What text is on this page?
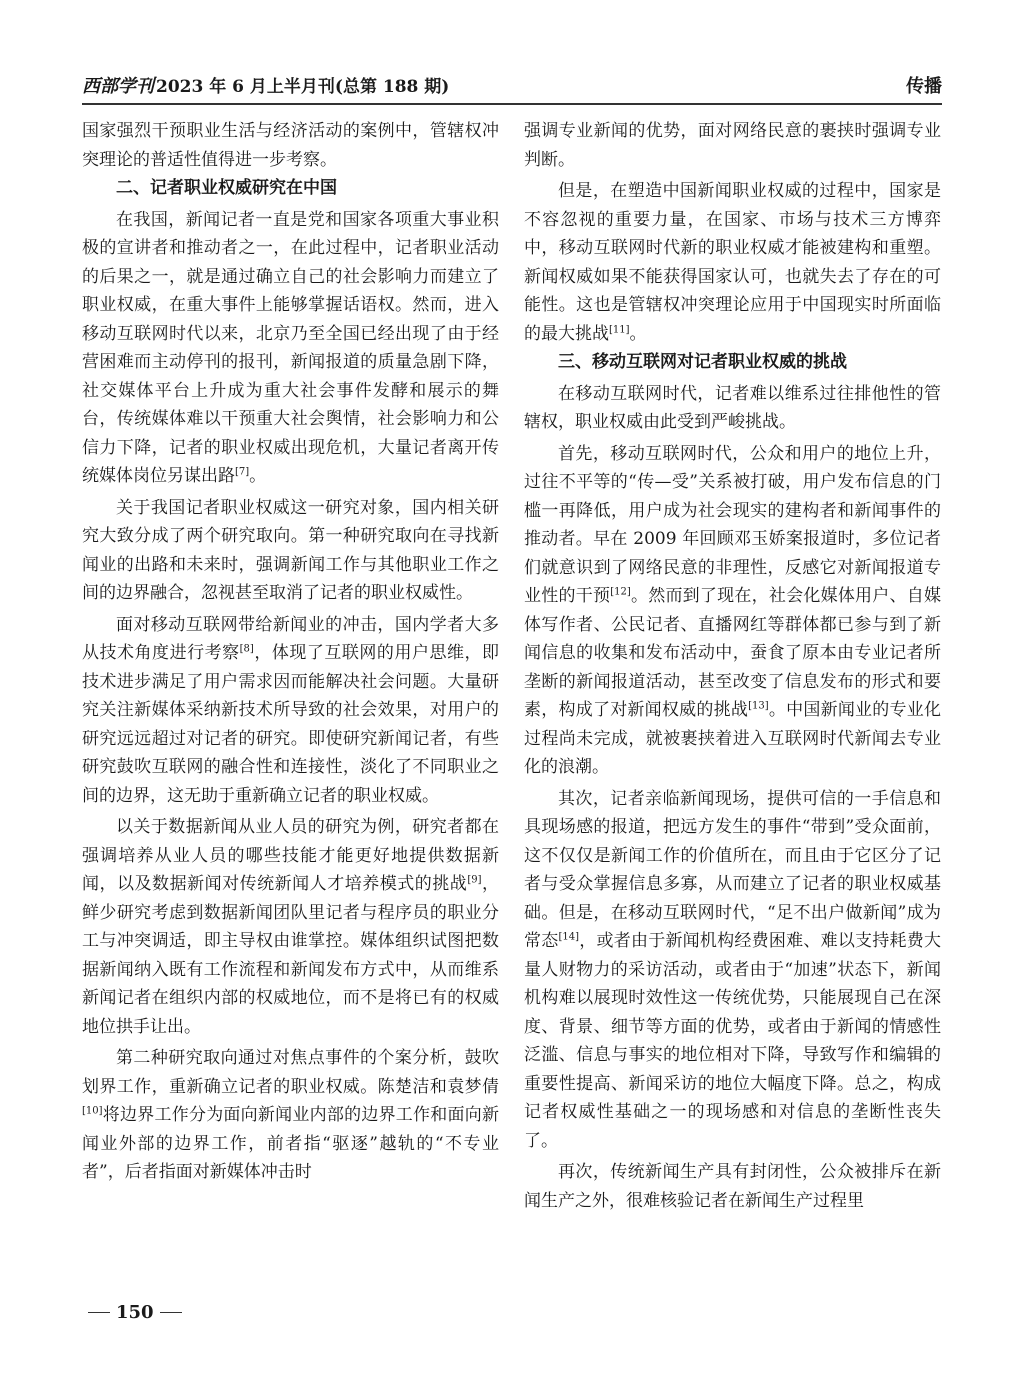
西部学刊 2023 年 6 月上半月刊(总第 188 期)	传播

国家强烈干预职业生活与经济活动的案例中，管辖权冲突理论的普适性值得进一步考察。

二、记者职业权威研究在中国

在我国，新闻记者一直是党和国家各项重大事业积极的宣讲者和推动者之一，在此过程中，记者职业活动的后果之一，就是通过确立自己的社会影响力而建立了职业权威，在重大事件上能够掌握话语权。然而，进入移动互联网时代以来，北京乃至全国已经出现了由于经营困难而主动停刊的报刊，新闻报道的质量急剧下降，社交媒体平台上升成为重大社会事件发酵和展示的舞台，传统媒体难以干预重大社会舆情，社会影响力和公信力下降，记者的职业权威出现危机，大量记者离开传统媒体岗位另谋出路[7]。

关于我国记者职业权威这一研究对象，国内相关研究大致分成了两个研究取向。第一种研究取向在寻找新闻业的出路和未来时，强调新闻工作与其他职业工作之间的边界融合，忽视甚至取消了记者的职业权威性。

面对移动互联网带给新闻业的冲击，国内学者大多从技术角度进行考察[8]，体现了互联网的用户思维，即技术进步满足了用户需求因而能解决社会问题。大量研究关注新媒体采纳新技术所导致的社会效果，对用户的研究远远超过对记者的研究。即使研究新闻记者，有些研究鼓吹互联网的融合性和连接性，淡化了不同职业之间的边界，这无助于重新确立记者的职业权威。

以关于数据新闻从业人员的研究为例，研究者都在强调培养从业人员的哪些技能才能更好地提供数据新闻，以及数据新闻对传统新闻人才培养模式的挑战[9]，鲜少研究考虑到数据新闻团队里记者与程序员的职业分工与冲突调适，即主导权由谁掌控。媒体组织试图把数据新闻纳入既有工作流程和新闻发布方式中，从而维系新闻记者在组织内部的权威地位，而不是将已有的权威地位拱手让出。

第二种研究取向通过对焦点事件的个案分析，鼓吹划界工作，重新确立记者的职业权威。陈楚洁和袁梦倩[10]将边界工作分为面向新闻业内部的边界工作和面向新闻业外部的边界工作，前者指“驱逐”越轨的“不专业者”，后者指面对新媒体冲击时

强调专业新闻的优势，面对网络民意的裹挟时强调专业判断。

但是，在塑造中国新闻职业权威的过程中，国家是不容忽视的重要力量，在国家、市场与技术三方博弈中，移动互联网时代新的职业权威才能被建构和重塑。新闻权威如果不能获得国家认可，也就失去了存在的可能性。这也是管辖权冲突理论应用于中国现实时所面临的最大挑战[11]。

三、移动互联网对记者职业权威的挑战

在移动互联网时代，记者难以维系过往排他性的管辖权，职业权威由此受到严峻挑战。

首先，移动互联网时代，公众和用户的地位上升，过往不平等的“传—受”关系被打破，用户发布信息的门槛一再降低，用户成为社会现实的建构者和新闻事件的推动者。早在 2009 年回顾邓玉娇案报道时，多位记者们就意识到了网络民意的非理性，反感它对新闻报道专业性的干预[12]。然而到了现在，社会化媒体用户、自媒体写作者、公民记者、直播网红等群体都已参与到了新闻信息的收集和发布活动中，蚕食了原本由专业记者所垄断的新闻报道活动，甚至改变了信息发布的形式和要素，构成了对新闻权威的挑战[13]。中国新闻业的专业化过程尚未完成，就被裹挟着进入互联网时代新闻去专业化的浪潮。

其次，记者亲临新闻现场，提供可信的一手信息和具现场感的报道，把远方发生的事件“带到”受众面前，这不仅仅是新闻工作的价值所在，而且由于它区分了记者与受众掌握信息多寡，从而建立了记者的职业权威基础。但是，在移动互联网时代，“足不出户做新闻”成为常态[14]，或者由于新闻机构经费困难、难以支持耗费大量人财物力的采访活动，或者由于“加速”状态下，新闻机构难以展现时效性这一传统优势，只能展现自己在深度、背景、细节等方面的优势，或者由于新闻的情感性泛滥、信息与事实的地位相对下降，导致写作和编辑的重要性提高、新闻采访的地位大幅度下降。总之，构成记者权威性基础之一的现场感和对信息的垄断性丧失了。

再次，传统新闻生产具有封闭性，公众被排斥在新闻生产之外，很难核验记者在新闻生产过程里

150
